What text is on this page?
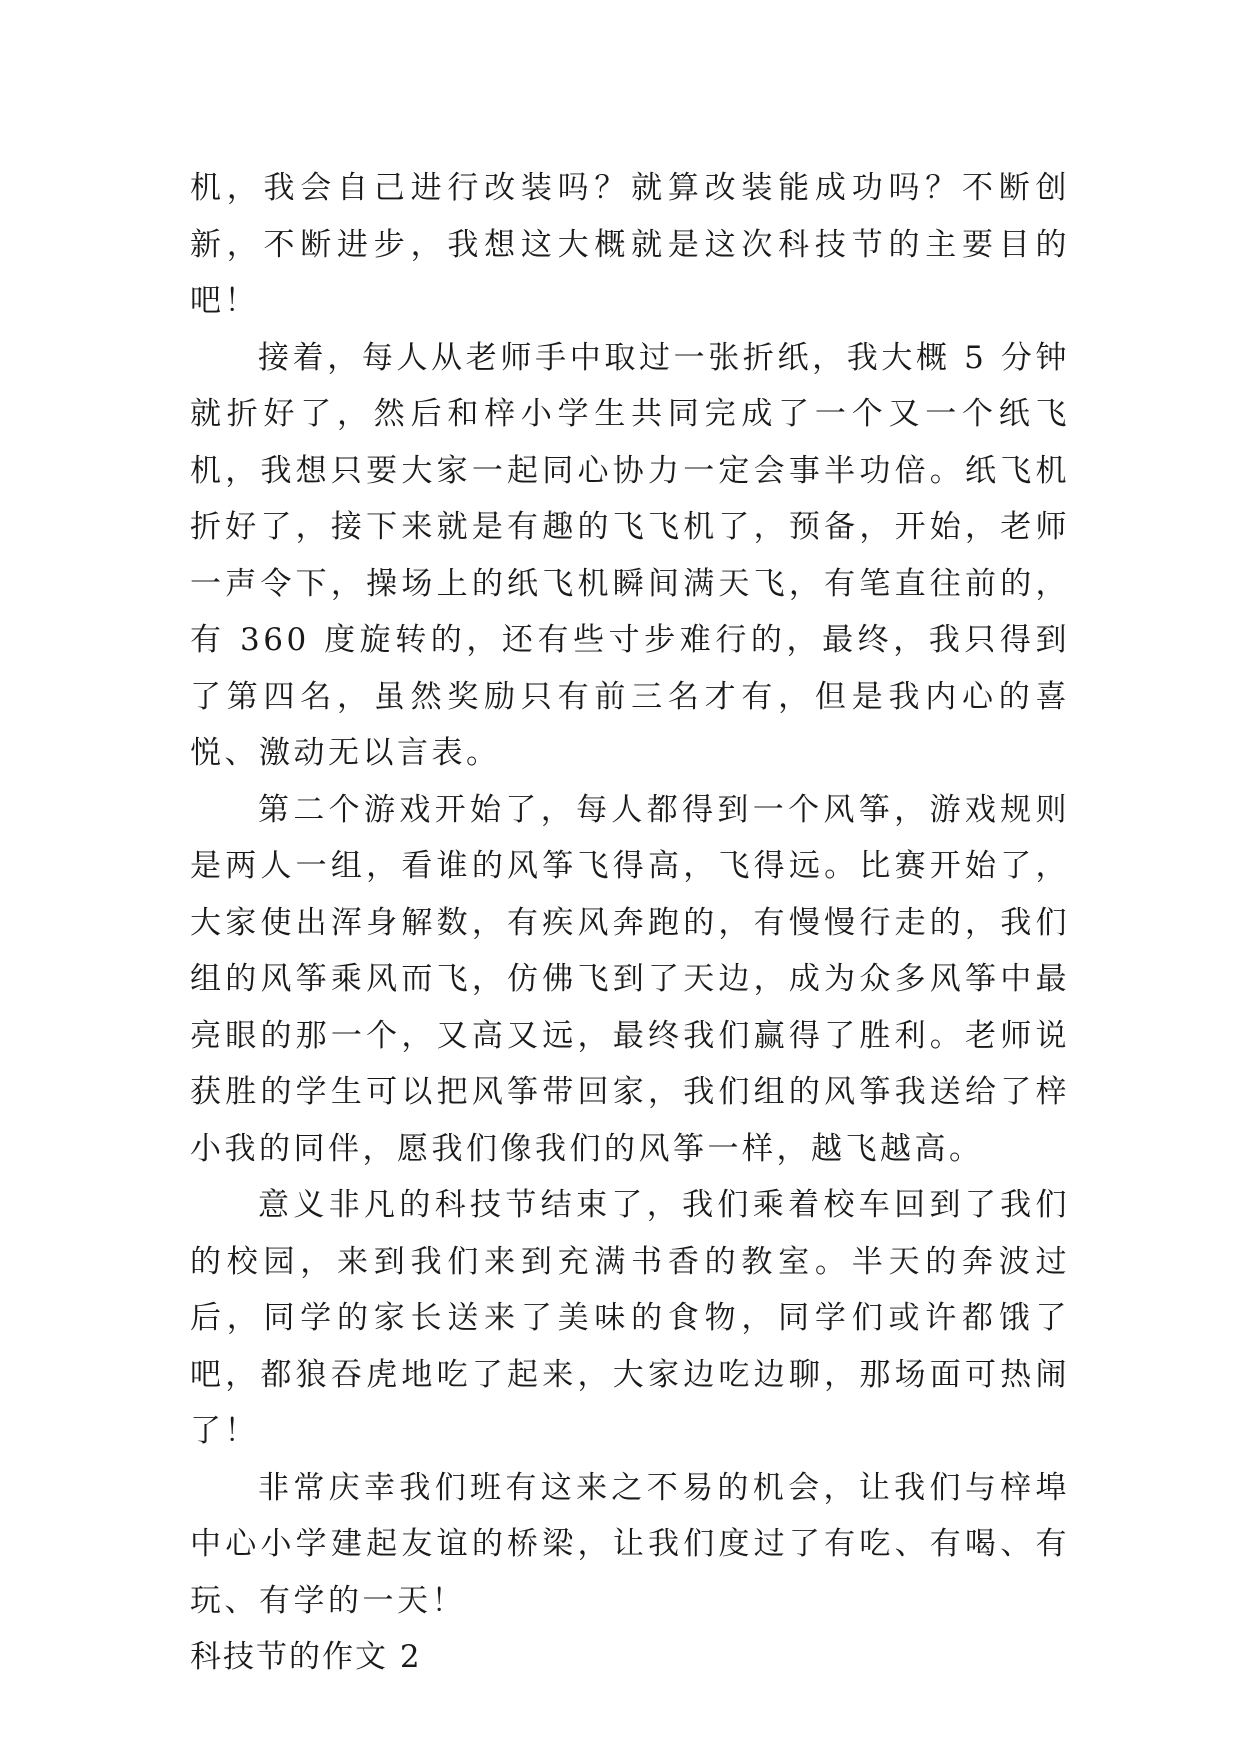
机，我会自己进行改装吗？就算改装能成功吗？不断创新，不断进步，我想这大概就是这次科技节的主要目的吧！

接着，每人从老师手中取过一张折纸，我大概 5 分钟就折好了，然后和梓小学生共同完成了一个又一个纸飞机，我想只要大家一起同心协力一定会事半功倍。纸飞机折好了，接下来就是有趣的飞飞机了，预备，开始，老师一声令下，操场上的纸飞机瞬间满天飞，有笔直往前的，有 360 度旋转的，还有些寸步难行的，最终，我只得到了第四名，虽然奖励只有前三名才有，但是我内心的喜悦、激动无以言表。

第二个游戏开始了，每人都得到一个风筝，游戏规则是两人一组，看谁的风筝飞得高，飞得远。比赛开始了，大家使出浑身解数，有疾风奔跑的，有慢慢行走的，我们组的风筝乘风而飞，仿佛飞到了天边，成为众多风筝中最亮眼的那一个，又高又远，最终我们赢得了胜利。老师说获胜的学生可以把风筝带回家，我们组的风筝我送给了梓小我的同伴，愿我们像我们的风筝一样，越飞越高。

意义非凡的科技节结束了，我们乘着校车回到了我们的校园，来到我们来到充满书香的教室。半天的奔波过后，同学的家长送来了美味的食物，同学们或许都饿了吧，都狼吞虎地吃了起来，大家边吃边聊，那场面可热闹了！

非常庆幸我们班有这来之不易的机会，让我们与梓埠中心小学建起友谊的桥梁，让我们度过了有吃、有喝、有玩、有学的一天！

科技节的作文 2
